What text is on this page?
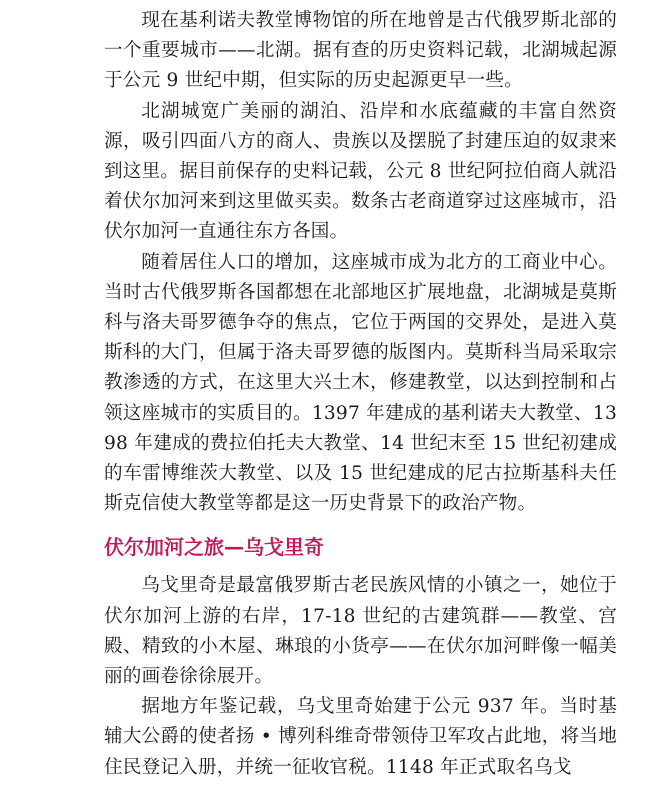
现在基利诺夫教堂博物馆的所在地曾是古代俄罗斯北部的一个重要城市——北湖。据有查的历史资料记载，北湖城起源于公元 9 世纪中期，但实际的历史起源更早一些。

北湖城宽广美丽的湖泊、沿岸和水底蕴藏的丰富自然资源，吸引四面八方的商人、贵族以及摆脱了封建压迫的奴隶来到这里。据目前保存的史料记载，公元 8 世纪阿拉伯商人就沿着伏尔加河来到这里做买卖。数条古老商道穿过这座城市，沿伏尔加河一直通往东方各国。

随着居住人口的增加，这座城市成为北方的工商业中心。当时古代俄罗斯各国都想在北部地区扩展地盘，北湖城是莫斯科与洛夫哥罗德争夺的焦点，它位于两国的交界处，是进入莫斯科的大门，但属于洛夫哥罗德的版图内。莫斯科当局采取宗教渗透的方式，在这里大兴土木，修建教堂，以达到控制和占领这座城市的实质目的。1397 年建成的基利诺夫大教堂、1398 年建成的费拉伯托夫大教堂、14 世纪末至 15 世纪初建成的车雷博维茨大教堂、以及 15 世纪建成的尼古拉斯基科夫任斯克信使大教堂等都是这一历史背景下的政治产物。

伏尔加河之旅—乌戈里奇

乌戈里奇是最富俄罗斯古老民族风情的小镇之一，她位于伏尔加河上游的右岸，17-18 世纪的古建筑群——教堂、宫殿、精致的小木屋、琳琅的小货亭——在伏尔加河畔像一幅美丽的画卷徐徐展开。

据地方年鉴记载，乌戈里奇始建于公元 937 年。当时基辅大公爵的使者扬 • 博列科维奇带领侍卫军攻占此地，将当地住民登记入册，并统一征收官税。1148 年正式取名乌戈
